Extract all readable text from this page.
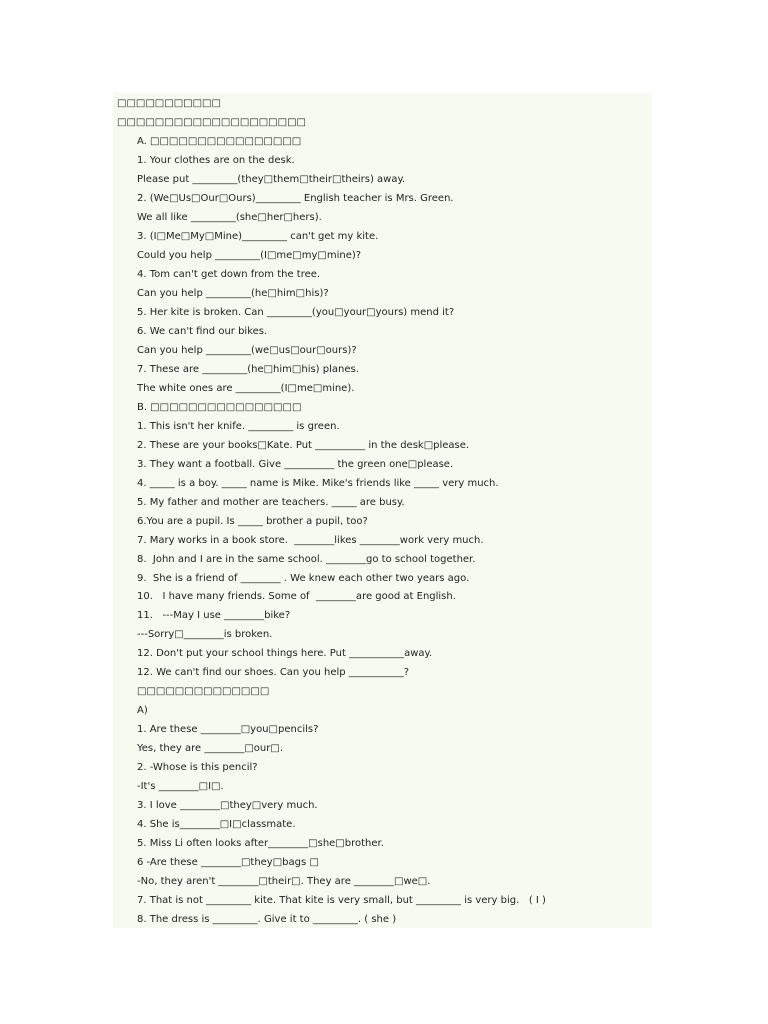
□□□□□□□□□□□
□□□□□□□□□□□□□□□□□□□□
A. □□□□□□□□□□□□□□□□
1. Your clothes are on the desk.
Please put _________(they□them□their□theirs) away.
2. (We□Us□Our□Ours)_________ English teacher is Mrs. Green.
We all like _________(she□her□hers).
3. (I□Me□My□Mine)_________ can't get my kite.
Could you help _________(I□me□my□mine)?
4. Tom can't get down from the tree.
Can you help _________(he□him□his)?
5. Her kite is broken. Can _________(you□your□yours) mend it?
6. We can't find our bikes.
Can you help _________(we□us□our□ours)?
7. These are _________(he□him□his) planes.
The white ones are _________(I□me□mine).
B. □□□□□□□□□□□□□□□□
1. This isn't her knife. _________ is green.
2. These are your books□Kate. Put __________ in the desk□please.
3. They want a football. Give __________ the green one□please.
4. _____ is a boy. _____ name is Mike. Mike's friends like _____ very much.
5. My father and mother are teachers. _____ are busy.
6.You are a pupil. Is _____ brother a pupil, too?
7. Mary works in a book store.  ________likes ________work very much.
8.  John and I are in the same school. ________go to school together.
9.  She is a friend of ________ . We knew each other two years ago.
10.   I have many friends. Some of  ________are good at English.
11.   ---May I use ________bike?
---Sorry□________is broken.
12. Don't put your school things here. Put ___________away.
12. We can't find our shoes. Can you help ___________?
□□□□□□□□□□□□□□
A)
1. Are these ________□you□pencils?
Yes, they are ________□our□.
2. -Whose is this pencil?
-It's ________□I□.
3. I love ________□they□very much.
4. She is________□I□classmate.
5. Miss Li often looks after________□she□brother.
6 -Are these ________□they□bags □
-No, they aren't ________□their□. They are ________□we□.
7. That is not _________ kite. That kite is very small, but _________ is very big.   ( I )
8. The dress is _________. Give it to _________. ( she )
